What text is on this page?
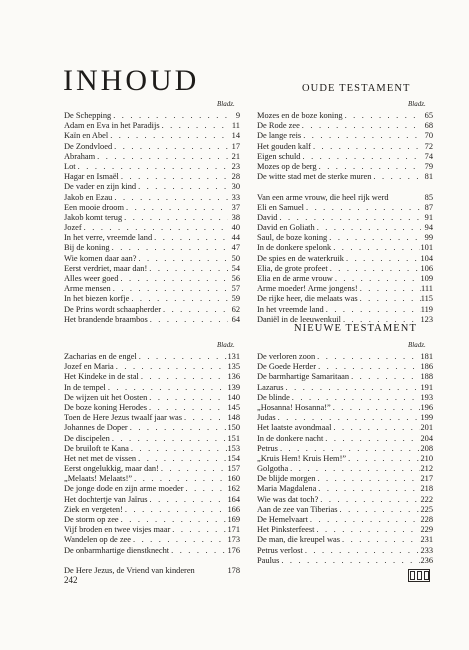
INHOUD	OUDE TESTAMENT
Bladz.	Bladz.
De Schepping . . .	9
Adam en Eva in het Paradijs . . .	11
Kaïn en Abel . . .	14
De Zondvloed . . .	17
Abraham . . .	21
Lot . . .	23
Hagar en Ismaël . . .	28
De vader en zijn kind . . .	30
Jakob en Ezau . . .	33
Een mooie droom . . .	37
Jakob komt terug . . .	38
Jozef . . .	40
In het verre, vreemde land . . .	44
Bij de koning . . .	47
Wie komen daar aan? . . .	50
Eerst verdriet, maar dan! . . .	54
Alles weer goed . . .	56
Arme mensen . . .	57
In het biezen korfje . . .	59
De Prins wordt schaapherder . . .	62
Het brandende braambos . . .	64
Mozes en de boze koning . . .	65
De Rode zee . . .	68
De lange reis . . .	70
Het gouden kalf . . .	72
Eigen schuld . . .	74
Mozes op de berg . . .	79
De witte stad met de sterke muren . . .	81
Van een arme vrouw, die heel rijk werd	85
Eli en Samuel . . .	87
David . . .	91
David en Goliath . . .	94
Saul, de boze koning . . .	99
In de donkere spelonk . . .	101
De spies en de waterkruik . . .	104
Elia, de grote profeet . . .	106
Elia en de arme vrouw . . .	109
Arme moeder! Arme jongens! . . .	111
De rijke heer, die melaats was . . .	115
In het vreemde land . . .	119
Daniël in de leeuwenkuil . . .	123
NIEUWE TESTAMENT
Bladz.	Bladz.
Zacharias en de engel . . .	131
Jozef en Maria . . .	135
Het Kindeke in de stal . . .	136
In de tempel . . .	139
De wijzen uit het Oosten . . .	140
De boze koning Herodes . . .	145
Toen de Here Jezus twaalf jaar was . . .	148
Johannes de Doper . . .	150
De discipelen . . .	151
De bruiloft te Kana . . .	153
Het net met de vissen . . .	154
Eerst ongelukkig, maar dan! . . .	157
„Melaats! Melaats!” . . .	160
De jonge dode en zijn arme moeder . . .	162
Het dochtertje van Jaïrus . . .	164
Ziek en vergeten! . . .	166
De storm op zee . . .	169
Vijf broden en twee visjes maar . . .	171
Wandelen op de zee . . .	173
De onbarmhartige dienstknecht . . .	176
De Here Jezus, de Vriend van kinderen	178
De verloren zoon . . .	181
De Goede Herder . . .	186
De barmhartige Samaritaan . . .	188
Lazarus . . .	191
De blinde . . .	193
„Hosanna! Hosanna!” . . .	196
Judas . . .	199
Het laatste avondmaal . . .	201
In de donkere nacht . . .	204
Petrus . . .	208
„Kruis Hem! Kruis Hem!” . . .	210
Golgotha . . .	212
De blijde morgen . . .	217
Maria Magdalena . . .	218
Wie was dat toch? . . .	222
Aan de zee van Tiberias . . .	225
De Hemelvaart . . .	228
Het Pinksterfeest . . .	229
De man, die kreupel was . . .	231
Petrus verlost . . .	233
Paulus . . .	236
242
